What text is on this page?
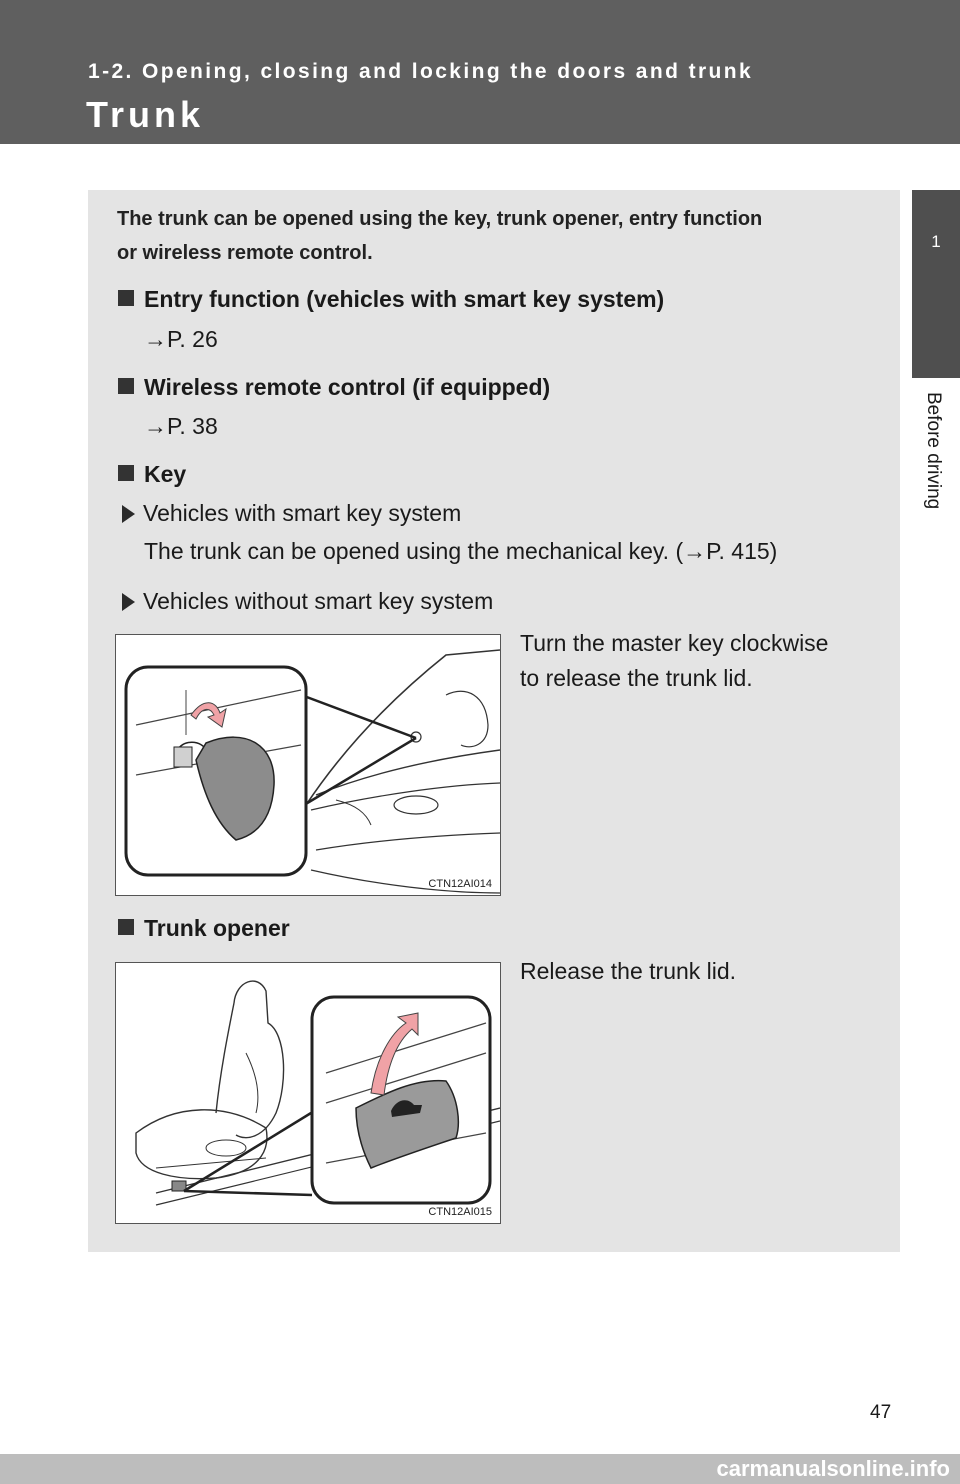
1-2. Opening, closing and locking the doors and trunk
Trunk
1
Before driving
The trunk can be opened using the key, trunk opener, entry function
or wireless remote control.
Entry function (vehicles with smart key system)
→P. 26
Wireless remote control (if equipped)
→P. 38
Key
Vehicles with smart key system
The trunk can be opened using the mechanical key. (→P. 415)
Vehicles without smart key system
CTN12AI014
Turn the master key clockwise
to release the trunk lid.
Trunk opener
CTN12AI015
Release the trunk lid.
47
carmanualsonline.info
